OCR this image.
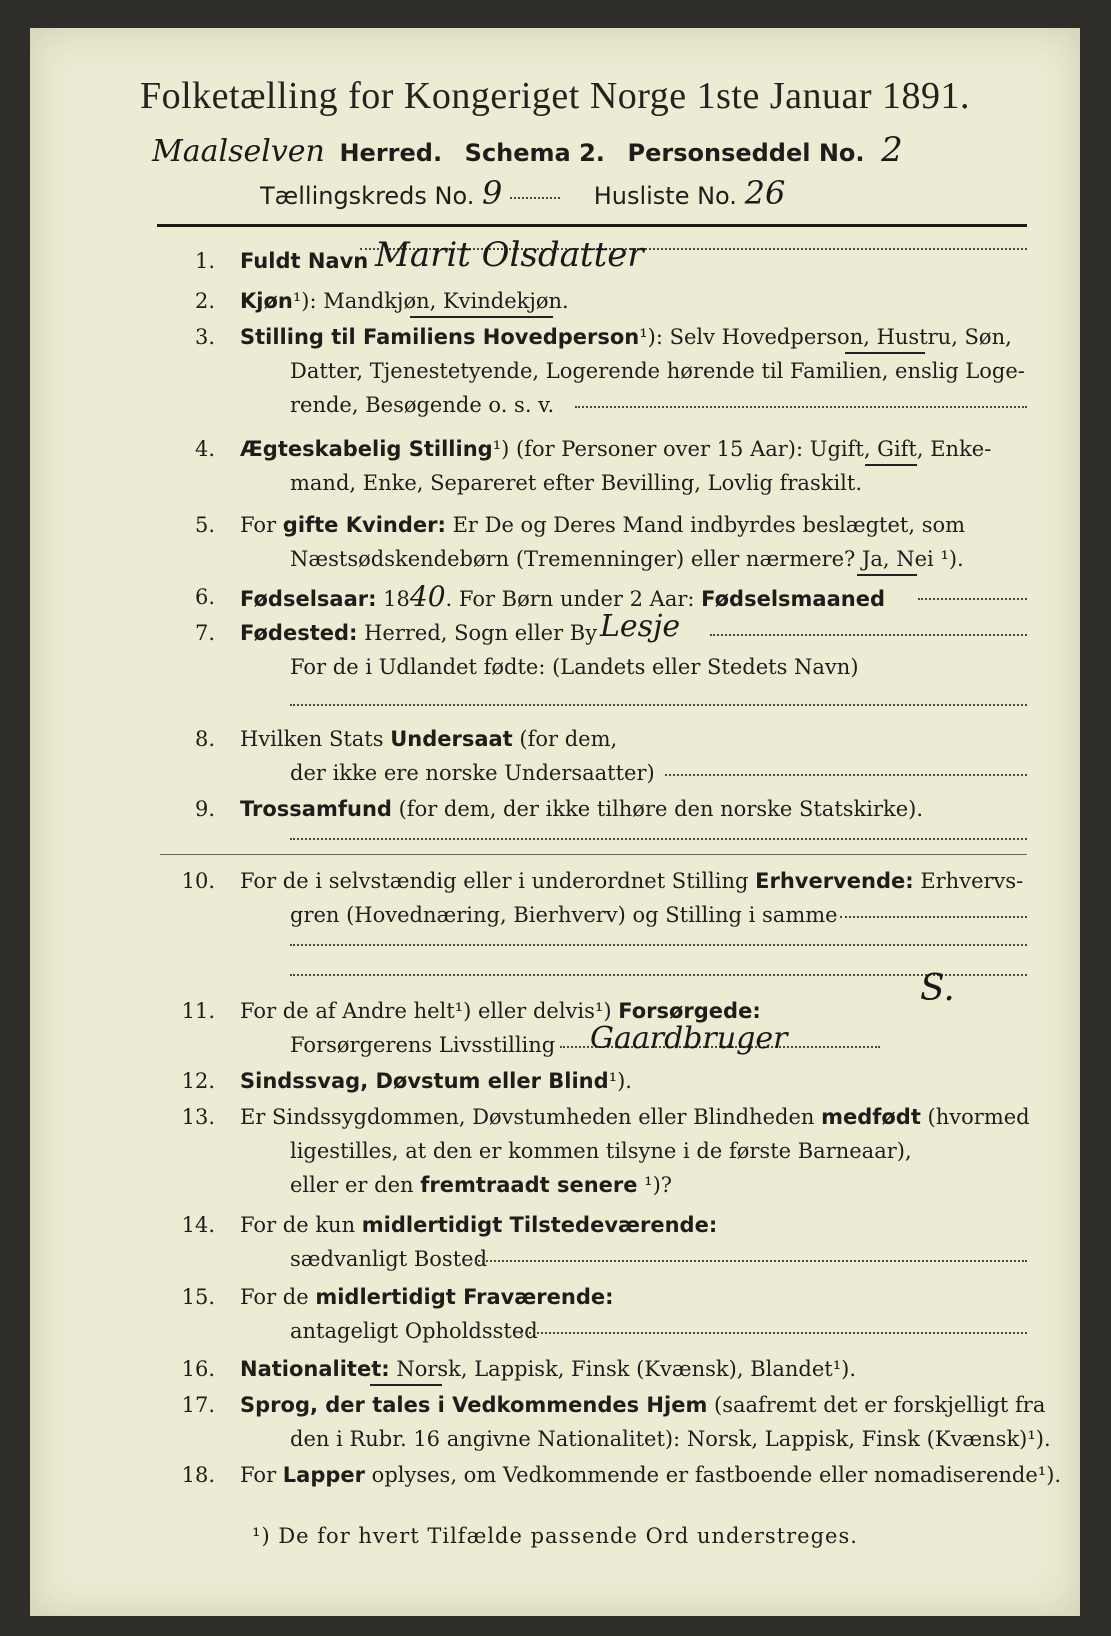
Folketælling for Kongeriget Norge 1ste Januar 1891.
Maalselven Herred. Schema 2. Personseddel No. 2
Tællingskreds No. 9	Husliste No. 26
1. Fuldt Navn Marit Olsdatter
2. Kjøn¹): Mandkjøn, Kvindekjøn.
3. Stilling til Familiens Hovedperson¹): Selv Hovedperson, Hustru, Søn,
Datter, Tjenestetyende, Logerende hørende til Familien, enslig Loge-
rende, Besøgende o. s. v.
4. Ægteskabelig Stilling¹) (for Personer over 15 Aar): Ugift, Gift, Enke-
mand, Enke, Separeret efter Bevilling, Lovlig fraskilt.
5. For gifte Kvinder: Er De og Deres Mand indbyrdes beslægtet, som
Næstsødskendebørn (Tremenninger) eller nærmere? Ja, Nei ¹).
6. Fødselsaar: 1840. For Børn under 2 Aar: Fødselsmaaned
7. Fødested: Herred, Sogn eller By Lesje
For de i Udlandet fødte: (Landets eller Stedets Navn)
8. Hvilken Stats Undersaat (for dem,
der ikke ere norske Undersaatter)
9. Trossamfund (for dem, der ikke tilhøre den norske Statskirke).
10. For de i selvstændig eller i underordnet Stilling Erhvervende: Erhvervs-
gren (Hovednæring, Bierhverv) og Stilling i samme
11. For de af Andre helt¹) eller delvis¹) Forsørgede:
S.
Forsørgerens Livsstilling Gaardbruger
12. Sindssvag, Døvstum eller Blind¹).
13. Er Sindssygdommen, Døvstumheden eller Blindheden medfødt (hvormed
ligestilles, at den er kommen tilsyne i de første Barneaar),
eller er den fremtraadt senere ¹)?
14. For de kun midlertidigt Tilstedeværende:
sædvanligt Bosted
15. For de midlertidigt Fraværende:
antageligt Opholdssted
16. Nationalitet: Norsk, Lappisk, Finsk (Kvænsk), Blandet¹).
17. Sprog, der tales i Vedkommendes Hjem (saafremt det er forskjelligt fra
den i Rubr. 16 angivne Nationalitet): Norsk, Lappisk, Finsk (Kvænsk)¹).
18. For Lapper oplyses, om Vedkommende er fastboende eller nomadiserende¹).
¹) De for hvert Tilfælde passende Ord understreges.
